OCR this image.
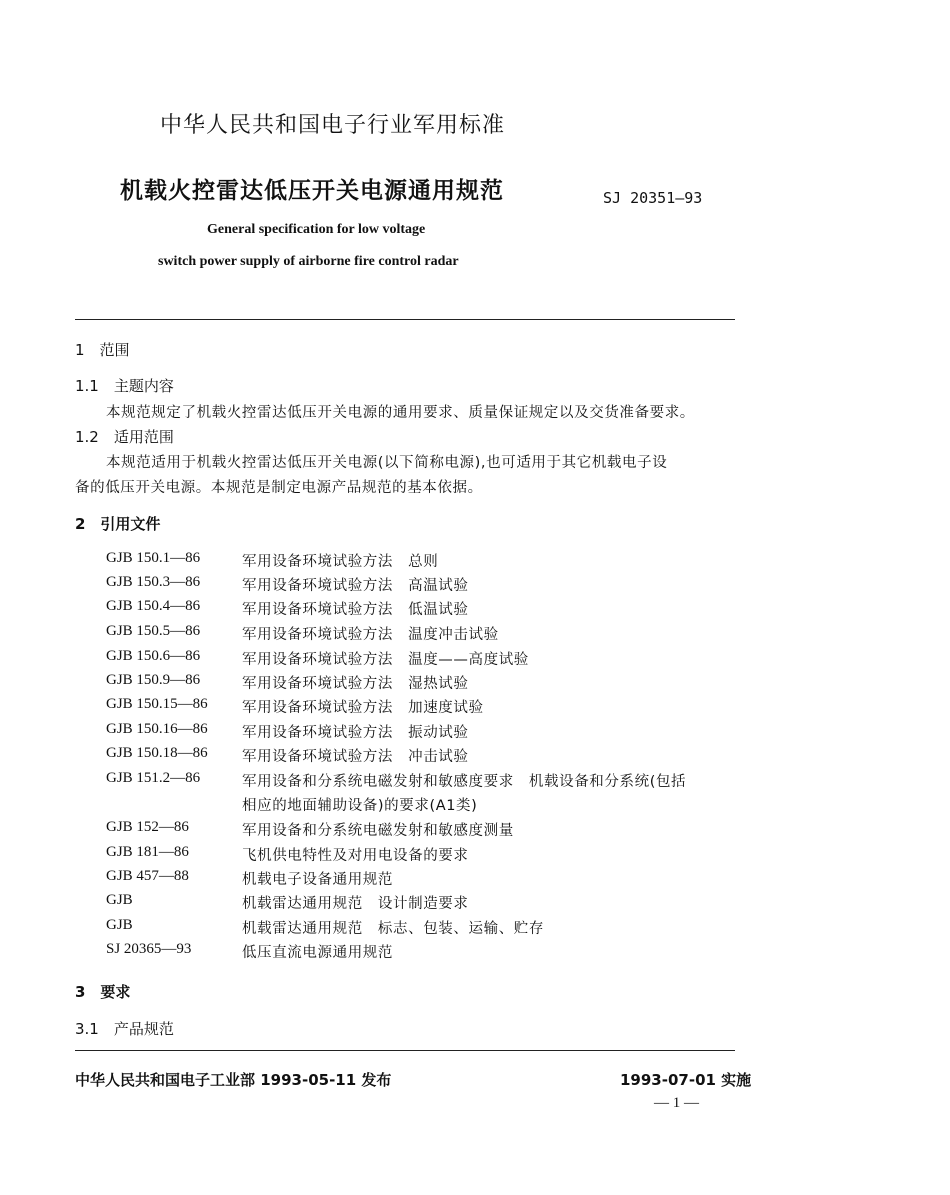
中华人民共和国电子行业军用标准
机载火控雷达低压开关电源通用规范	SJ 20351—93
General specification for low voltage
switch power supply of airborne fire control radar
1　范围
1.1　主题内容
本规范规定了机载火控雷达低压开关电源的通用要求、质量保证规定以及交货准备要求。
1.2　适用范围
本规范适用于机载火控雷达低压开关电源(以下简称电源),也可适用于其它机载电子设
备的低压开关电源。本规范是制定电源产品规范的基本依据。
2　引用文件
GJB 150.1—86	军用设备环境试验方法　总则
GJB 150.3—86	军用设备环境试验方法　高温试验
GJB 150.4—86	军用设备环境试验方法　低温试验
GJB 150.5—86	军用设备环境试验方法　温度冲击试验
GJB 150.6—86	军用设备环境试验方法　温度——高度试验
GJB 150.9—86	军用设备环境试验方法　湿热试验
GJB 150.15—86 军用设备环境试验方法　加速度试验
GJB 150.16—86 军用设备环境试验方法　振动试验
GJB 150.18—86 军用设备环境试验方法　冲击试验
GJB 151.2—86	军用设备和分系统电磁发射和敏感度要求　机载设备和分系统(包括
相应的地面辅助设备)的要求(A1类)
GJB 152—86	军用设备和分系统电磁发射和敏感度测量
GJB 181—86	飞机供电特性及对用电设备的要求
GJB 457—88	机载电子设备通用规范
GJB	机载雷达通用规范　设计制造要求
GJB	机载雷达通用规范　标志、包装、运输、贮存
SJ 20365—93	低压直流电源通用规范
3　要求
3.1　产品规范
中华人民共和国电子工业部 1993-05-11 发布	1993-07-01 实施
— 1 —
